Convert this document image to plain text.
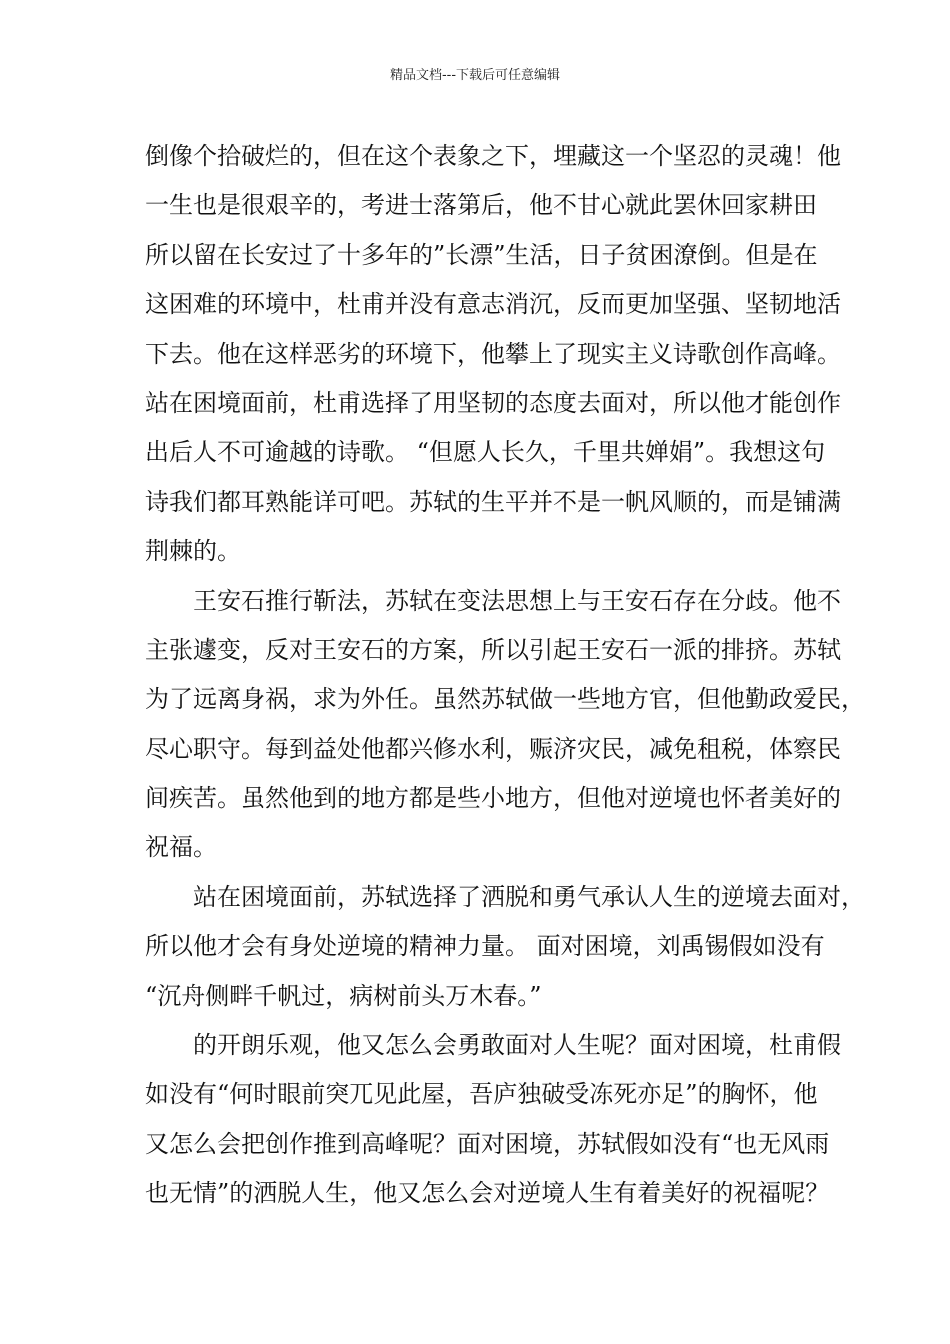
精品文档---下载后可任意编辑
倒像个拾破烂的，但在这个表象之下，埋藏这一个坚忍的灵魂！他
一生也是很艰辛的，考进士落第后，他不甘心就此罢休回家耕田
所以留在长安过了十多年的”长漂”生活，日子贫困潦倒。但是在
这困难的环境中，杜甫并没有意志消沉，反而更加坚强、坚韧地活
下去。他在这样恶劣的环境下，他攀上了现实主义诗歌创作高峰。
站在困境面前，杜甫选择了用坚韧的态度去面对，所以他才能创作
出后人不可逾越的诗歌。 “但愿人长久，千里共婵娟”。我想这句
诗我们都耳熟能详可吧。苏轼的生平并不是一帆风顺的，而是铺满
荆棘的。
　　王安石推行靳法，苏轼在变法思想上与王安石存在分歧。他不
主张遽变，反对王安石的方案，所以引起王安石一派的排挤。苏轼
为了远离身祸，求为外任。虽然苏轼做一些地方官，但他勤政爱民，
尽心职守。每到益处他都兴修水利，赈济灾民，减免租税，体察民
间疾苦。虽然他到的地方都是些小地方，但他对逆境也怀者美好的
祝福。
　　站在困境面前，苏轼选择了洒脱和勇气承认人生的逆境去面对，
所以他才会有身处逆境的精神力量。 面对困境，刘禹锡假如没有
“沉舟侧畔千帆过，病树前头万木春。”
　　的开朗乐观，他又怎么会勇敢面对人生呢？面对困境，杜甫假
如没有“何时眼前突兀见此屋，吾庐独破受冻死亦足”的胸怀，他
又怎么会把创作推到高峰呢？面对困境，苏轼假如没有“也无风雨
也无情”的洒脱人生，他又怎么会对逆境人生有着美好的祝福呢？
